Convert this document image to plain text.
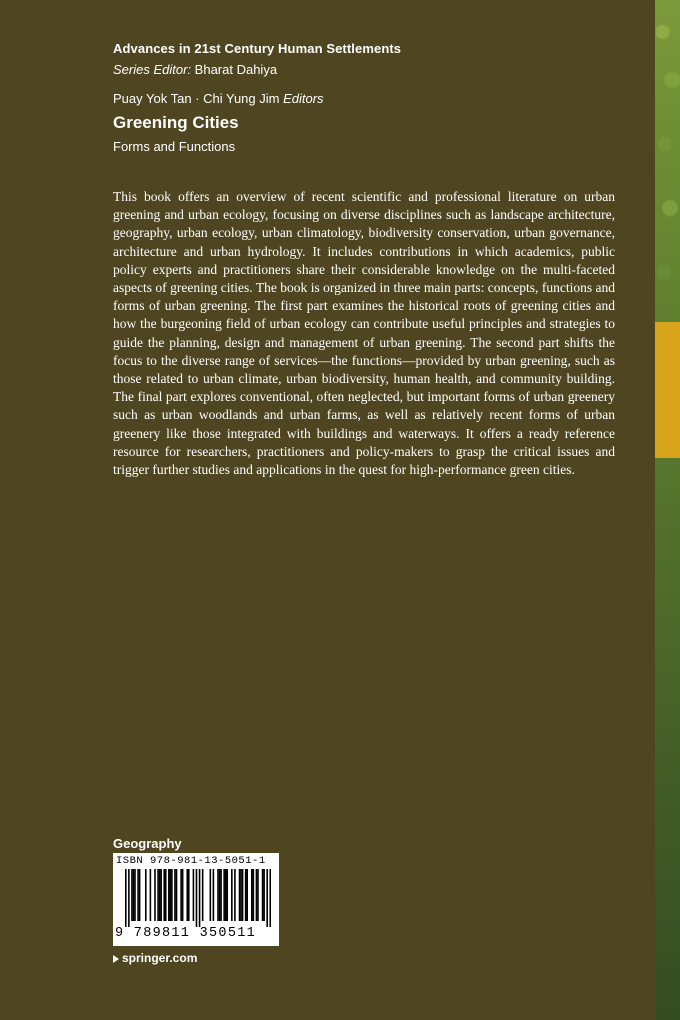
Advances in 21st Century Human Settlements
Series Editor: Bharat Dahiya
Puay Yok Tan · Chi Yung Jim Editors
Greening Cities
Forms and Functions
This book offers an overview of recent scientific and professional literature on urban greening and urban ecology, focusing on diverse disciplines such as landscape architecture, geography, urban ecology, urban climatology, biodiversity conservation, urban governance, architecture and urban hydrology. It includes contributions in which academics, public policy experts and practitioners share their considerable knowledge on the multi-faceted aspects of greening cities. The book is organized in three main parts: concepts, functions and forms of urban greening. The first part examines the historical roots of greening cities and how the burgeoning field of urban ecology can contribute useful principles and strategies to guide the planning, design and management of urban greening. The second part shifts the focus to the diverse range of services—the functions—provided by urban greening, such as those related to urban climate, urban biodiversity, human health, and community building. The final part explores conventional, often neglected, but important forms of urban greenery such as urban woodlands and urban farms, as well as relatively recent forms of urban greenery like those integrated with buildings and waterways. It offers a ready reference resource for researchers, practitioners and policy-makers to grasp the critical issues and trigger further studies and applications in the quest for high-performance green cities.
Geography
ISBN 978-981-13-5051-1
9 789811 350511
springer.com
